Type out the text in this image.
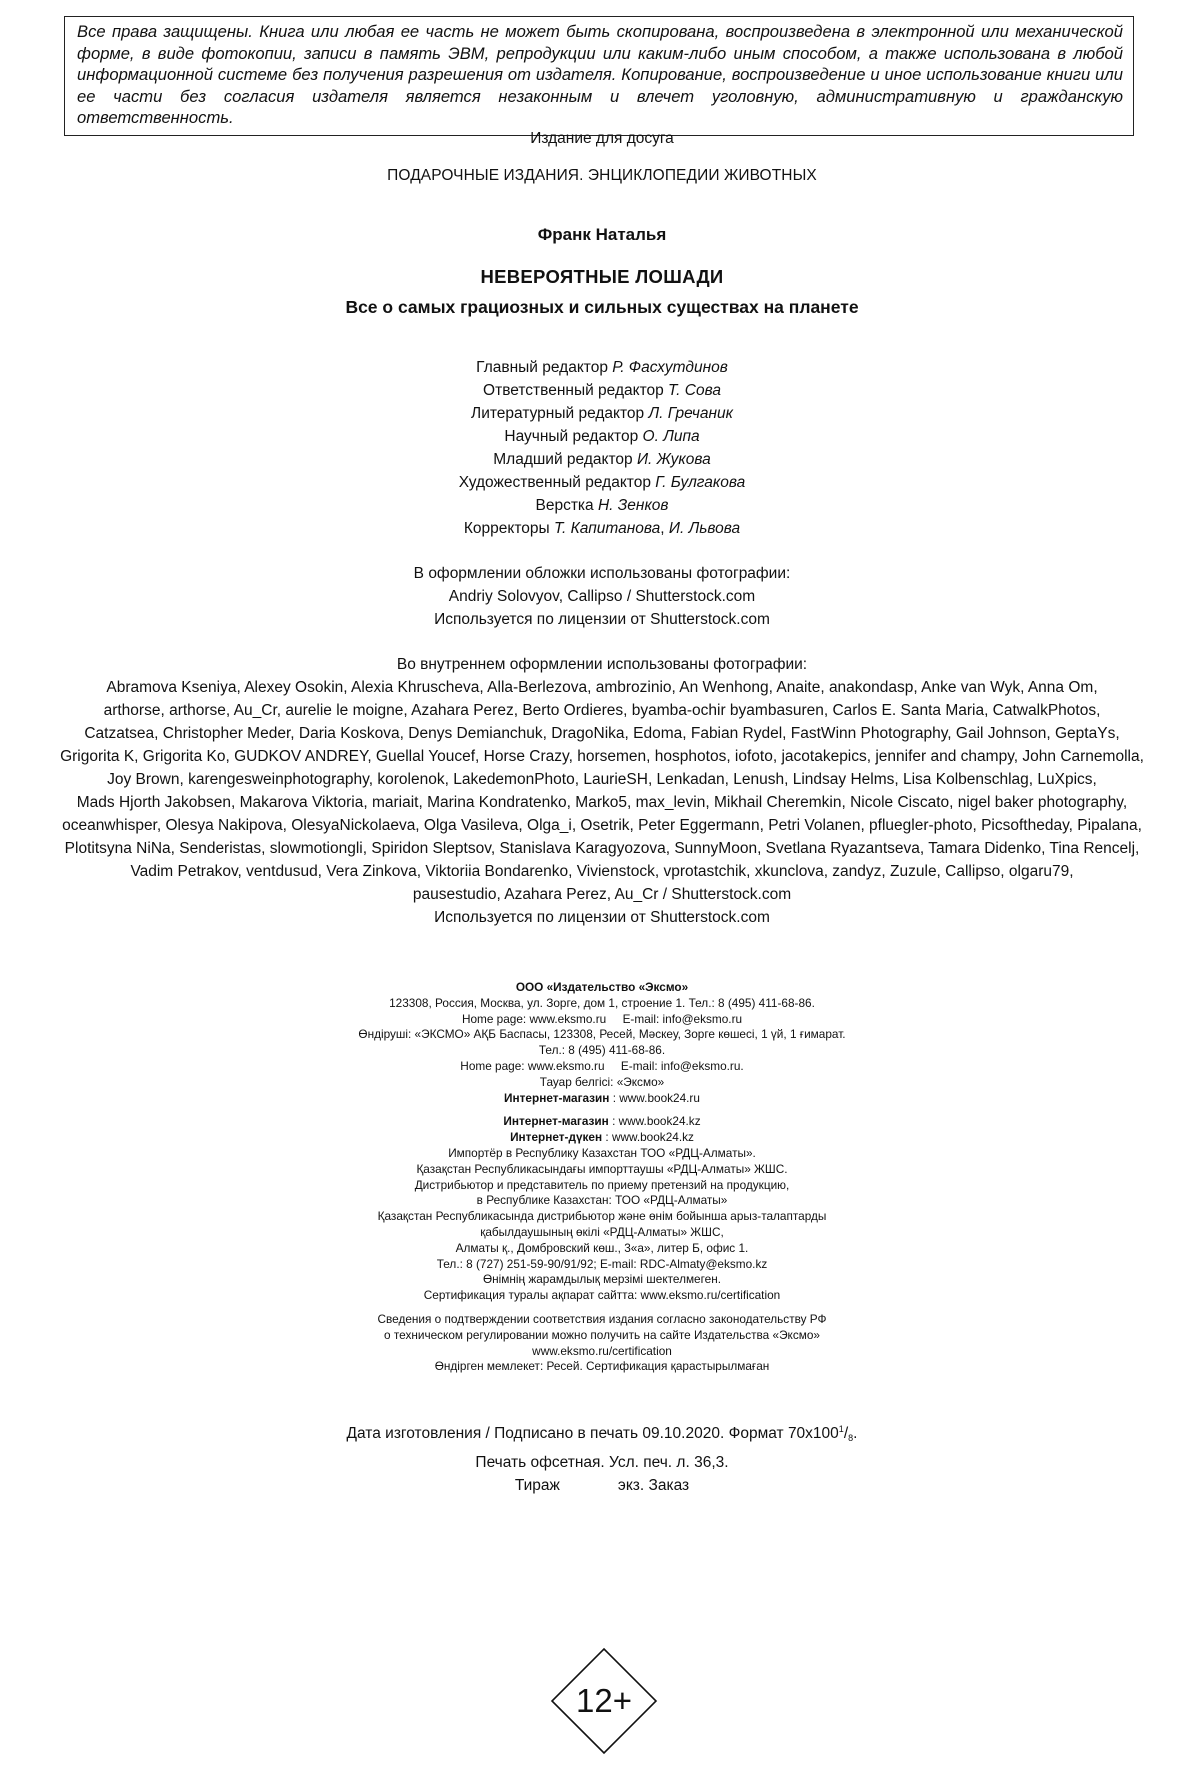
Все права защищены. Книга или любая ее часть не может быть скопирована, воспроизведена в электронной или механической форме, в виде фотокопии, записи в память ЭВМ, репродукции или каким-либо иным способом, а также использована в любой информационной системе без получения разрешения от издателя. Копирование, воспроизведение и иное использование книги или ее части без согласия издателя является незаконным и влечет уголовную, административную и гражданскую ответственность.
Издание для досуга
ПОДАРОЧНЫЕ ИЗДАНИЯ. ЭНЦИКЛОПЕДИИ ЖИВОТНЫХ
Франк Наталья
НЕВЕРОЯТНЫЕ ЛОШАДИ
Все о самых грациозных и сильных существах на планете
Главный редактор Р. Фасхутдинов
Ответственный редактор Т. Сова
Литературный редактор Л. Гречаник
Научный редактор О. Липа
Младший редактор И. Жукова
Художественный редактор Г. Булгакова
Верстка Н. Зенков
Корректоры Т. Капитанова, И. Львова
В оформлении обложки использованы фотографии:
Andriy Solovyov, Callipso / Shutterstock.com
Используется по лицензии от Shutterstock.com
Во внутреннем оформлении использованы фотографии:
Abramova Kseniya, Alexey Osokin, Alexia Khruscheva, Alla-Berlezova, ambrozinio, An Wenhong, Anaite, anakondasp, Anke van Wyk, Anna Om,
arthorse, arthorse, Au_Cr, aurelie le moigne, Azahara Perez, Berto Ordieres, byamba-ochir byambasuren, Carlos E. Santa Maria, CatwalkPhotos,
Catzatsea, Christopher Meder, Daria Koskova, Denys Demianchuk, DragoNika, Edoma, Fabian Rydel, FastWinn Photography, Gail Johnson, GeptaYs,
Grigorita K, Grigorita Ko, GUDKOV ANDREY, Guellal Youcef, Horse Crazy, horsemen, hosphotos, iofoto, jacotakepics, jennifer and champy, John Carnemolla,
Joy Brown, karengesweinphotography, korolenok, LakedemonPhoto, LaurieSH, Lenkadan, Lenush, Lindsay Helms, Lisa Kolbenschlag, LuXpics,
Mads Hjorth Jakobsen, Makarova Viktoria, mariait, Marina Kondratenko, Marko5, max_levin, Mikhail Cheremkin, Nicole Ciscato, nigel baker photography,
oceanwhisper, Olesya Nakipova, OlesyaNickolaeva, Olga Vasileva, Olga_i, Osetrik, Peter Eggermann, Petri Volanen, pfluegler-photo, Picsoftheday, Pipalana,
Plotitsyna NiNa, Senderistas, slowmotiongli, Spiridon Sleptsov, Stanislava Karagyozova, SunnyMoon, Svetlana Ryazantseva, Tamara Didenko, Tina Rencelj,
Vadim Petrakov, ventdusud, Vera Zinkova, Viktoriia Bondarenko, Vivienstock, vprotastchik, xkunclova, zandyz, Zuzule, Callipso, olgaru79,
pausestudio, Azahara Perez, Au_Cr / Shutterstock.com
Используется по лицензии от Shutterstock.com
ООО «Издательство «Эксмо»
123308, Россия, Москва, ул. Зорге, дом 1, строение 1. Тел.: 8 (495) 411-68-86.
Home page: www.eksmo.ru     E-mail: info@eksmo.ru
Өндіруші: «ЭКСМО» АҚБ Баспасы, 123308, Ресей, Мәскеу, Зорге көшесі, 1 үй, 1 ғимарат.
Тел.: 8 (495) 411-68-86.
Home page: www.eksmo.ru     E-mail: info@eksmo.ru.
Тауар белгісі: «Эксмо»
Интернет-магазин : www.book24.ru
Интернет-магазин : www.book24.kz
Интернет-дүкен : www.book24.kz
Импортёр в Республику Казахстан ТОО «РДЦ-Алматы».
Қазақстан Республикасындағы импорттаушы «РДЦ-Алматы» ЖШС.
Дистрибьютор и представитель по приему претензий на продукцию,
в Республике Казахстан: ТОО «РДЦ-Алматы»
Қазақстан Республикасында дистрибьютор және өнім бойынша арыз-талаптарды
қабылдаушының өкілі «РДЦ-Алматы» ЖШС,
Алматы қ., Домбровский көш., 3«а», литер Б, офис 1.
Тел.: 8 (727) 251-59-90/91/92; E-mail: RDC-Almaty@eksmo.kz
Өнімнің жарамдылық мерзімі шектелмеген.
Сертификация туралы ақпарат сайтта: www.eksmo.ru/certification
Сведения о подтверждении соответствия издания согласно законодательству РФ
о техническом регулировании можно получить на сайте Издательства «Эксмо»
www.eksmo.ru/certification
Өндірген мемлекет: Ресей. Сертификация қарастырылмаған
Дата изготовления / Подписано в печать 09.10.2020. Формат $70x100^1/_8$.
Печать офсетная. Усл. печ. л. 36,3.
Тираж	экз. Заказ
12+
